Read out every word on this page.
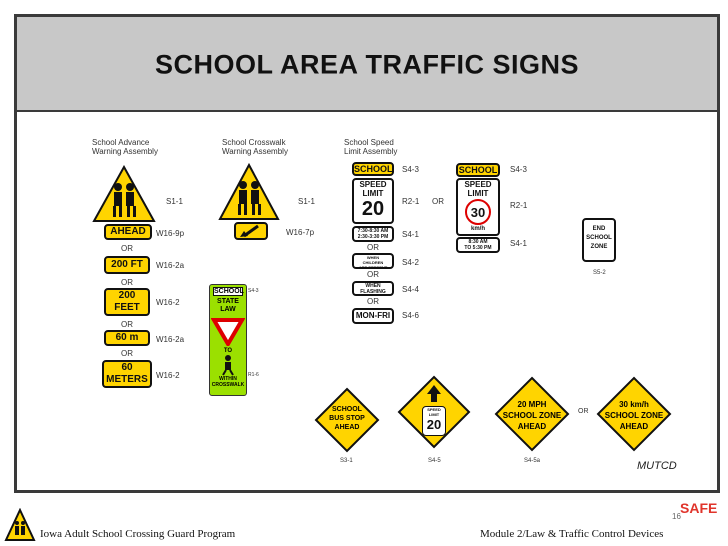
SCHOOL AREA TRAFFIC SIGNS
School Advance
Warning Assembly
School Crosswalk
Warning Assembly
School Speed
Limit Assembly
S1-1
AHEAD	W16-9p
OR
200 FT	W16-2a
OR
200
FEET	W16-2
OR
60 m	W16-2a
OR
60
METERS W16-2
S1-1
W16-7p
SCHOOL
STATE
LAW
TO
WITHIN
CROSSWALK
S4-3
R1-6
SCHOOL S4-3
SPEED
LIMIT
20	R2-1 OR
7:30-8:30 AM
2:30-3:30 PM	S4-1
OR
WHEN
CHILDREN
ARE PRESENT
S4-2
OR
WHEN
FLASHING	S4-4
OR
MON-FRI	S4-6
SCHOOL	S4-3
SPEED
LIMIT
30
km/h
R2-1
8:30 AM
TO 5:30 PM	S4-1
END
SCHOOL
ZONE
S5-2
SCHOOL
BUS STOP
AHEAD
S3-1
SPEED
LIMIT
20
S4-5
20 MPH
SCHOOL ZONE
AHEAD
S4-5a
OR
30 km/h
SCHOOL ZONE
AHEAD
MUTCD
16
SAFE
Iowa Adult School Crossing Guard Program	Module 2/Law & Traffic Control Devices
